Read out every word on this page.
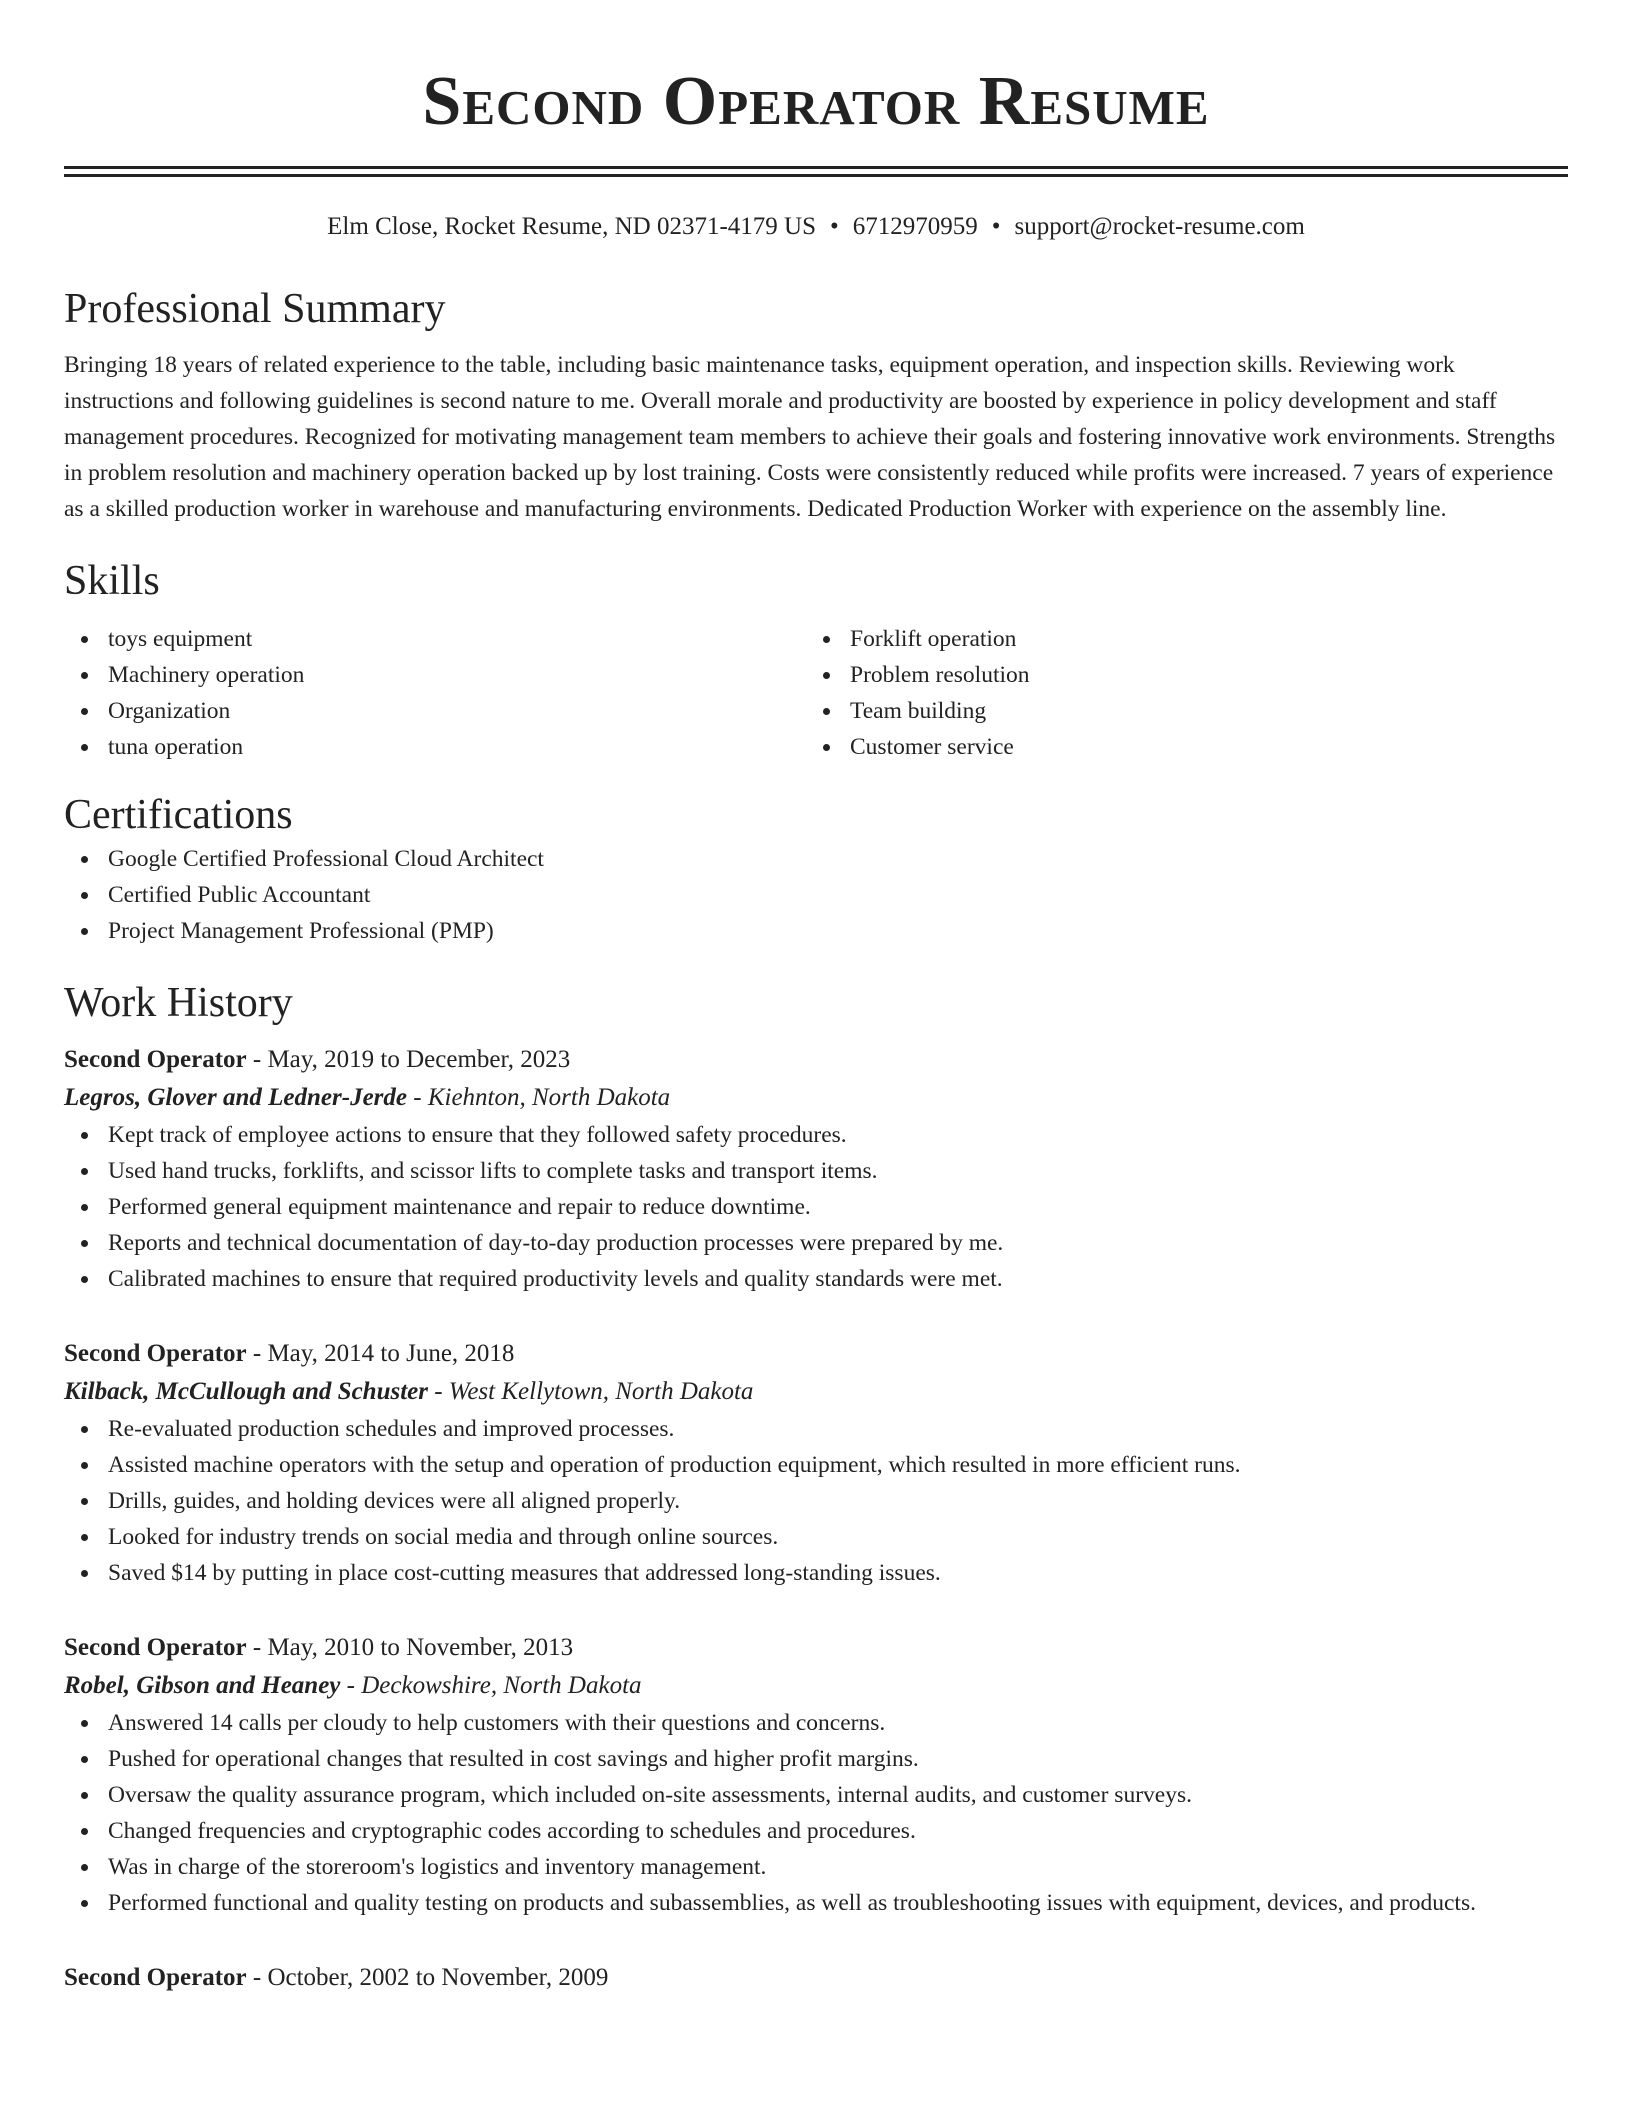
Second Operator Resume
Elm Close, Rocket Resume, ND 02371-4179 US • 6712970959 • support@rocket-resume.com
Professional Summary
Bringing 18 years of related experience to the table, including basic maintenance tasks, equipment operation, and inspection skills. Reviewing work instructions and following guidelines is second nature to me. Overall morale and productivity are boosted by experience in policy development and staff management procedures. Recognized for motivating management team members to achieve their goals and fostering innovative work environments. Strengths in problem resolution and machinery operation backed up by lost training. Costs were consistently reduced while profits were increased. 7 years of experience as a skilled production worker in warehouse and manufacturing environments. Dedicated Production Worker with experience on the assembly line.
Skills
toys equipment
Machinery operation
Organization
tuna operation
Forklift operation
Problem resolution
Team building
Customer service
Certifications
Google Certified Professional Cloud Architect
Certified Public Accountant
Project Management Professional (PMP)
Work History
Second Operator - May, 2019 to December, 2023
Legros, Glover and Ledner-Jerde - Kiehnton, North Dakota
Kept track of employee actions to ensure that they followed safety procedures.
Used hand trucks, forklifts, and scissor lifts to complete tasks and transport items.
Performed general equipment maintenance and repair to reduce downtime.
Reports and technical documentation of day-to-day production processes were prepared by me.
Calibrated machines to ensure that required productivity levels and quality standards were met.
Second Operator - May, 2014 to June, 2018
Kilback, McCullough and Schuster - West Kellytown, North Dakota
Re-evaluated production schedules and improved processes.
Assisted machine operators with the setup and operation of production equipment, which resulted in more efficient runs.
Drills, guides, and holding devices were all aligned properly.
Looked for industry trends on social media and through online sources.
Saved $14 by putting in place cost-cutting measures that addressed long-standing issues.
Second Operator - May, 2010 to November, 2013
Robel, Gibson and Heaney - Deckowshire, North Dakota
Answered 14 calls per cloudy to help customers with their questions and concerns.
Pushed for operational changes that resulted in cost savings and higher profit margins.
Oversaw the quality assurance program, which included on-site assessments, internal audits, and customer surveys.
Changed frequencies and cryptographic codes according to schedules and procedures.
Was in charge of the storeroom's logistics and inventory management.
Performed functional and quality testing on products and subassemblies, as well as troubleshooting issues with equipment, devices, and products.
Second Operator - October, 2002 to November, 2009
